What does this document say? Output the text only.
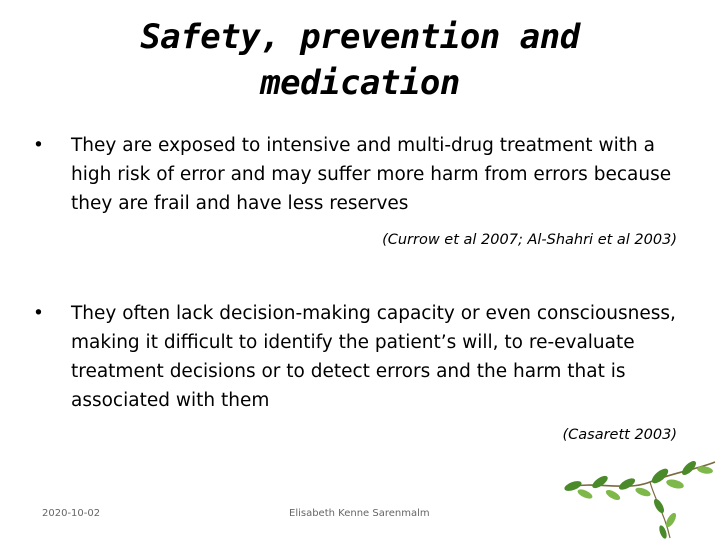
Safety, prevention and medication
•	They are exposed to intensive and multi-drug treatment with a high risk of error and may suffer more harm from errors because they are frail and have less reserves
(Currow et al 2007; Al-Shahri et al 2003)
•	They often lack decision-making capacity or even consciousness, making it difficult to identify the patient’s will, to re-evaluate treatment decisions or to detect errors and the harm that is associated with them
(Casarett 2003)
2020-10-02	Elisabeth Kenne Sarenmalm
